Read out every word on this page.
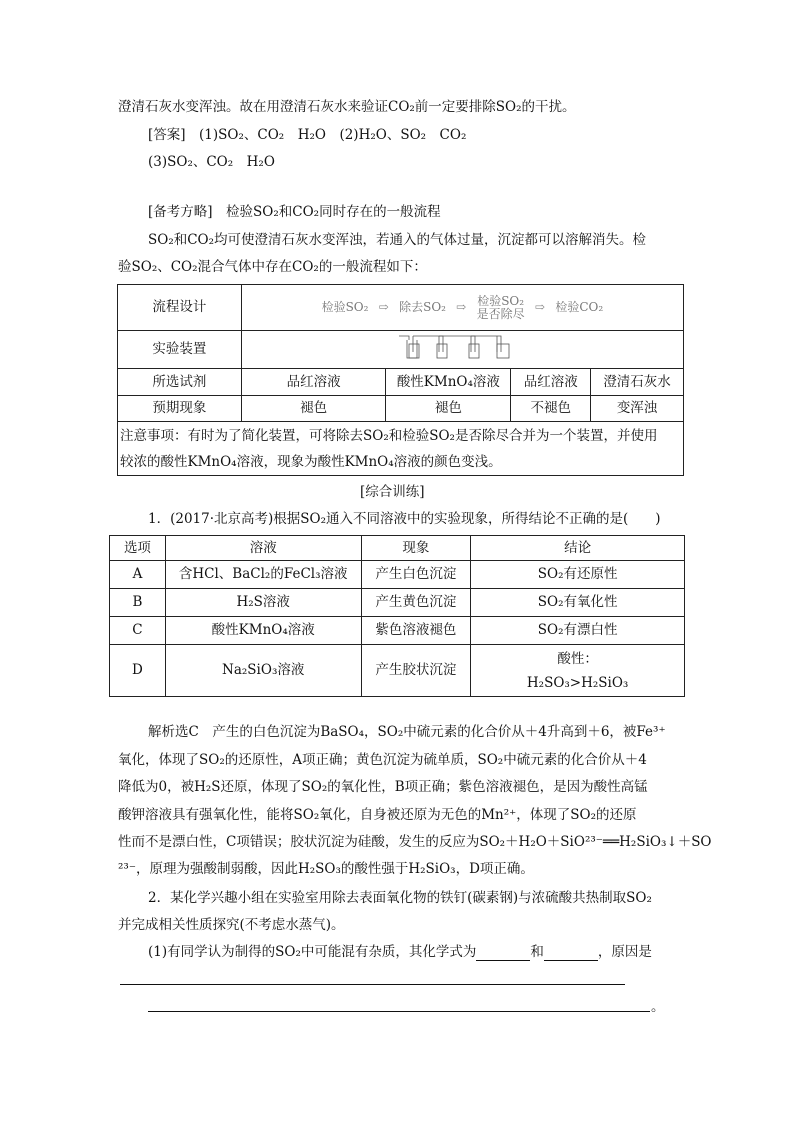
澄清石灰水变浑浊。故在用澄清石灰水来验证CO₂前一定要排除SO₂的干扰。
[答案]　(1)SO₂、CO₂　H₂O　(2)H₂O、SO₂　CO₂
(3)SO₂、CO₂　H₂O
[备考方略]　检验SO₂和CO₂同时存在的一般流程
SO₂和CO₂均可使澄清石灰水变浑浊，若通入的气体过量，沉淀都可以溶解消失。检
验SO₂、CO₂混合气体中存在CO₂的一般流程如下：
流程设计	检验SO₂ ⇨ 除去SO₂ ⇨ 检验SO₂
是否除尽 ⇨ 检验CO₂			
实验装置	
所选试剂	品红溶液	酸性KMnO₄溶液	品红溶液	澄清石灰水
预期现象	褪色	褪色	不褪色	变浑浊
注意事项：有时为了简化装置，可将除去SO₂和检验SO₂是否除尽合并为一个装置，并使用
较浓的酸性KMnO₄溶液，现象为酸性KMnO₄溶液的颜色变浅。				
[综合训练]
1．(2017·北京高考)根据SO₂通入不同溶液中的实验现象，所得结论不正确的是(　　)
选项	溶液	现象	结论
A	含HCl、BaCl₂的FeCl₃溶液	产生白色沉淀	SO₂有还原性
B	H₂S溶液	产生黄色沉淀	SO₂有氧化性
C	酸性KMnO₄溶液	紫色溶液褪色	SO₂有漂白性
D	Na₂SiO₃溶液	产生胶状沉淀	酸性：
H₂SO₃>H₂SiO₃
解析选C　产生的白色沉淀为BaSO₄，SO₂中硫元素的化合价从＋4升高到＋6，被Fe³⁺
氧化，体现了SO₂的还原性，A项正确；黄色沉淀为硫单质，SO₂中硫元素的化合价从＋4
降低为0，被H₂S还原，体现了SO₂的氧化性，B项正确；紫色溶液褪色，是因为酸性高锰
酸钾溶液具有强氧化性，能将SO₂氧化，自身被还原为无色的Mn²⁺，体现了SO₂的还原
性而不是漂白性，C项错误；胶状沉淀为硅酸，发生的反应为SO₂＋H₂O＋SiO²³⁻══H₂SiO₃↓＋SO
²³⁻，原理为强酸制弱酸，因此H₂SO₃的酸性强于H₂SiO₃，D项正确。
2．某化学兴趣小组在实验室用除去表面氧化物的铁钉(碳素钢)与浓硫酸共热制取SO₂
并完成相关性质探究(不考虑水蒸气)。
(1)有同学认为制得的SO₂中可能混有杂质，其化学式为	和	，原因是
。
